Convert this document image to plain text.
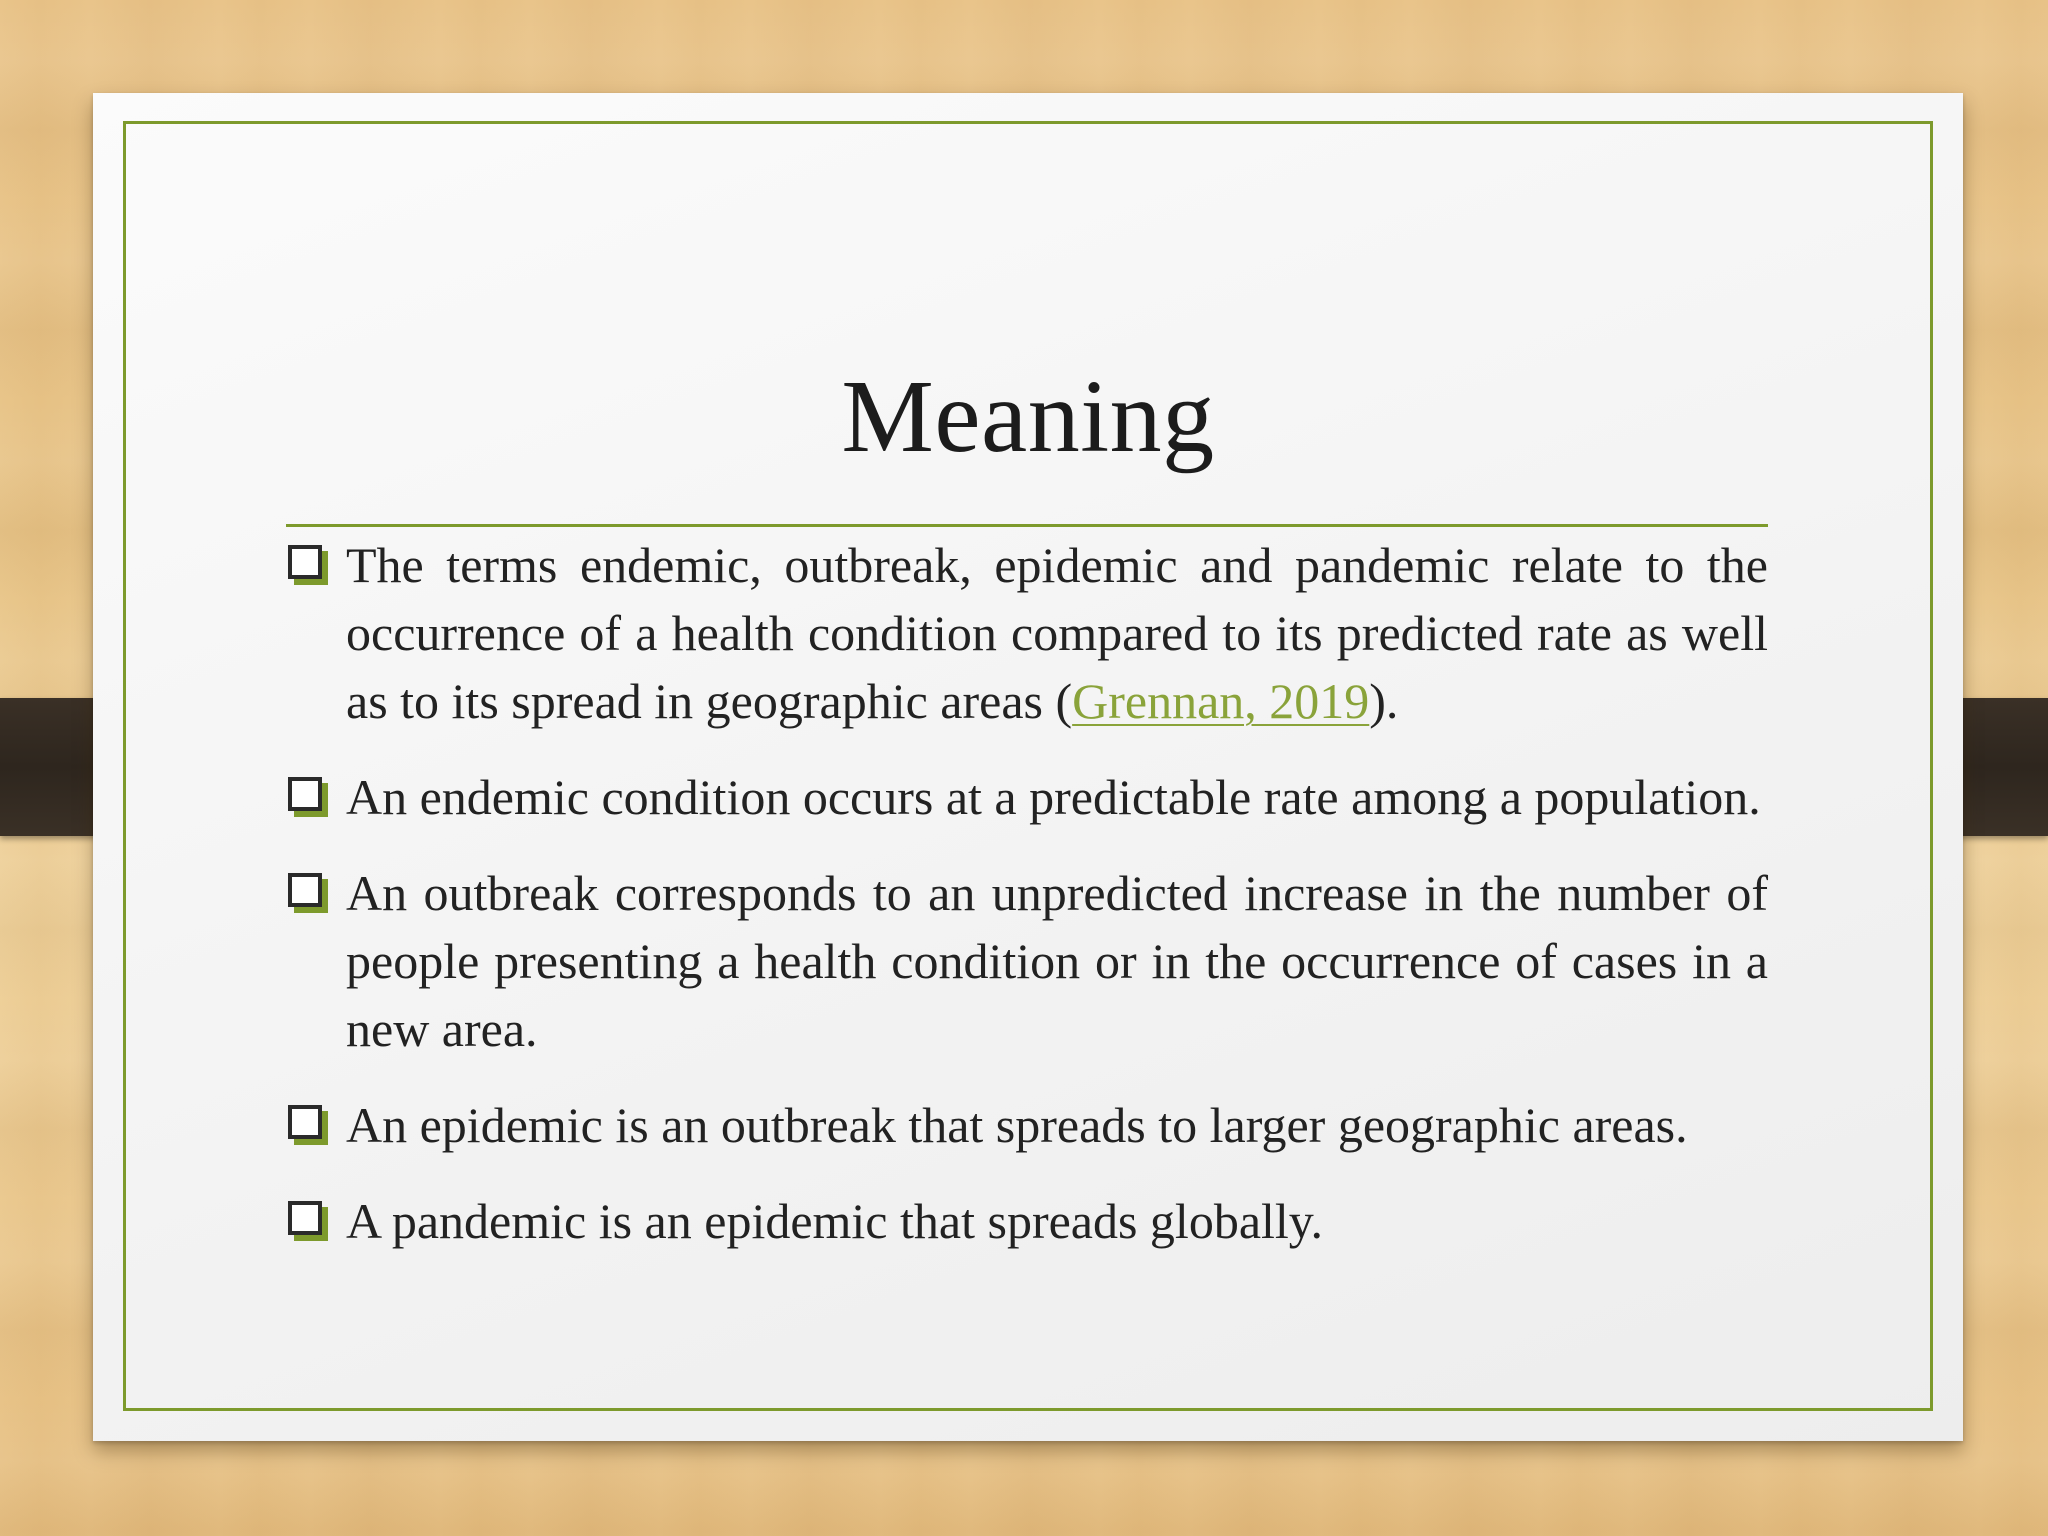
Meaning
The terms endemic, outbreak, epidemic and pandemic relate to the occurrence of a health condition compared to its predicted rate as well as to its spread in geographic areas (Grennan, 2019).
An endemic condition occurs at a predictable rate among a population.
An outbreak corresponds to an unpredicted increase in the number of people presenting a health condition or in the occurrence of cases in a new area.
An epidemic is an outbreak that spreads to larger geographic areas.
A pandemic is an epidemic that spreads globally.
